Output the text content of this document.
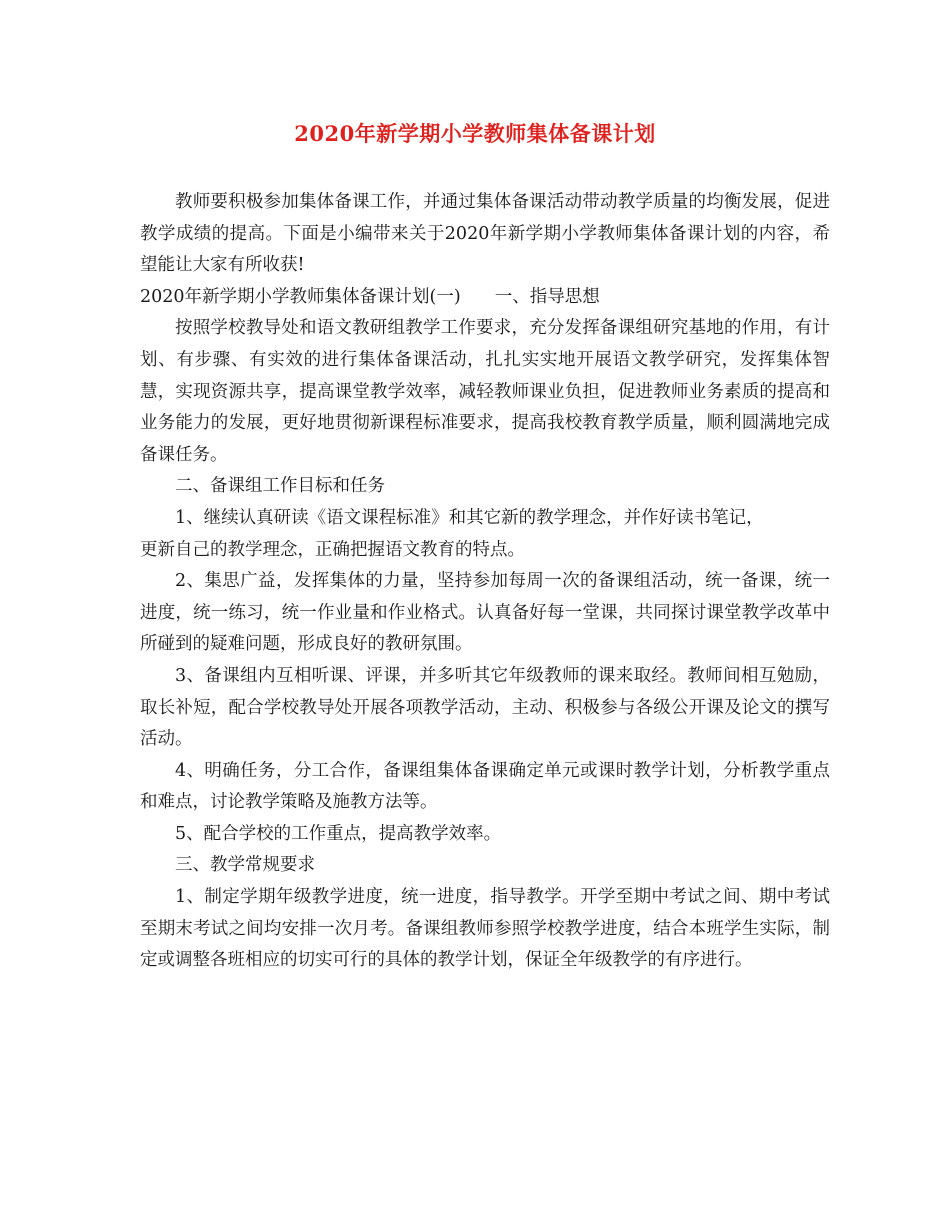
2020年新学期小学教师集体备课计划

教师要积极参加集体备课工作，并通过集体备课活动带动教学质量的均衡发展，促进教学成绩的提高。下面是小编带来关于2020年新学期小学教师集体备课计划的内容，希望能让大家有所收获!

2020年新学期小学教师集体备课计划(一) 一、指导思想

按照学校教导处和语文教研组教学工作要求，充分发挥备课组研究基地的作用，有计划、有步骤、有实效的进行集体备课活动，扎扎实实地开展语文教学研究，发挥集体智慧，实现资源共享，提高课堂教学效率，减轻教师课业负担，促进教师业务素质的提高和业务能力的发展，更好地贯彻新课程标准要求，提高我校教育教学质量，顺利圆满地完成备课任务。

二、备课组工作目标和任务

1、继续认真研读《语文课程标准》和其它新的教学理念，并作好读书笔记，

更新自己的教学理念，正确把握语文教育的特点。

2、集思广益，发挥集体的力量，坚持参加每周一次的备课组活动，统一备课，统一进度，统一练习，统一作业量和作业格式。认真备好每一堂课，共同探讨课堂教学改革中所碰到的疑难问题，形成良好的教研氛围。

3、备课组内互相听课、评课，并多听其它年级教师的课来取经。教师间相互勉励，取长补短，配合学校教导处开展各项教学活动，主动、积极参与各级公开课及论文的撰写活动。

4、明确任务，分工合作，备课组集体备课确定单元或课时教学计划，分析教学重点和难点，讨论教学策略及施教方法等。

5、配合学校的工作重点，提高教学效率。

三、教学常规要求

1、制定学期年级教学进度，统一进度，指导教学。开学至期中考试之间、期中考试至期末考试之间均安排一次月考。备课组教师参照学校教学进度，结合本班学生实际，制定或调整各班相应的切实可行的具体的教学计划，保证全年级教学的有序进行。
